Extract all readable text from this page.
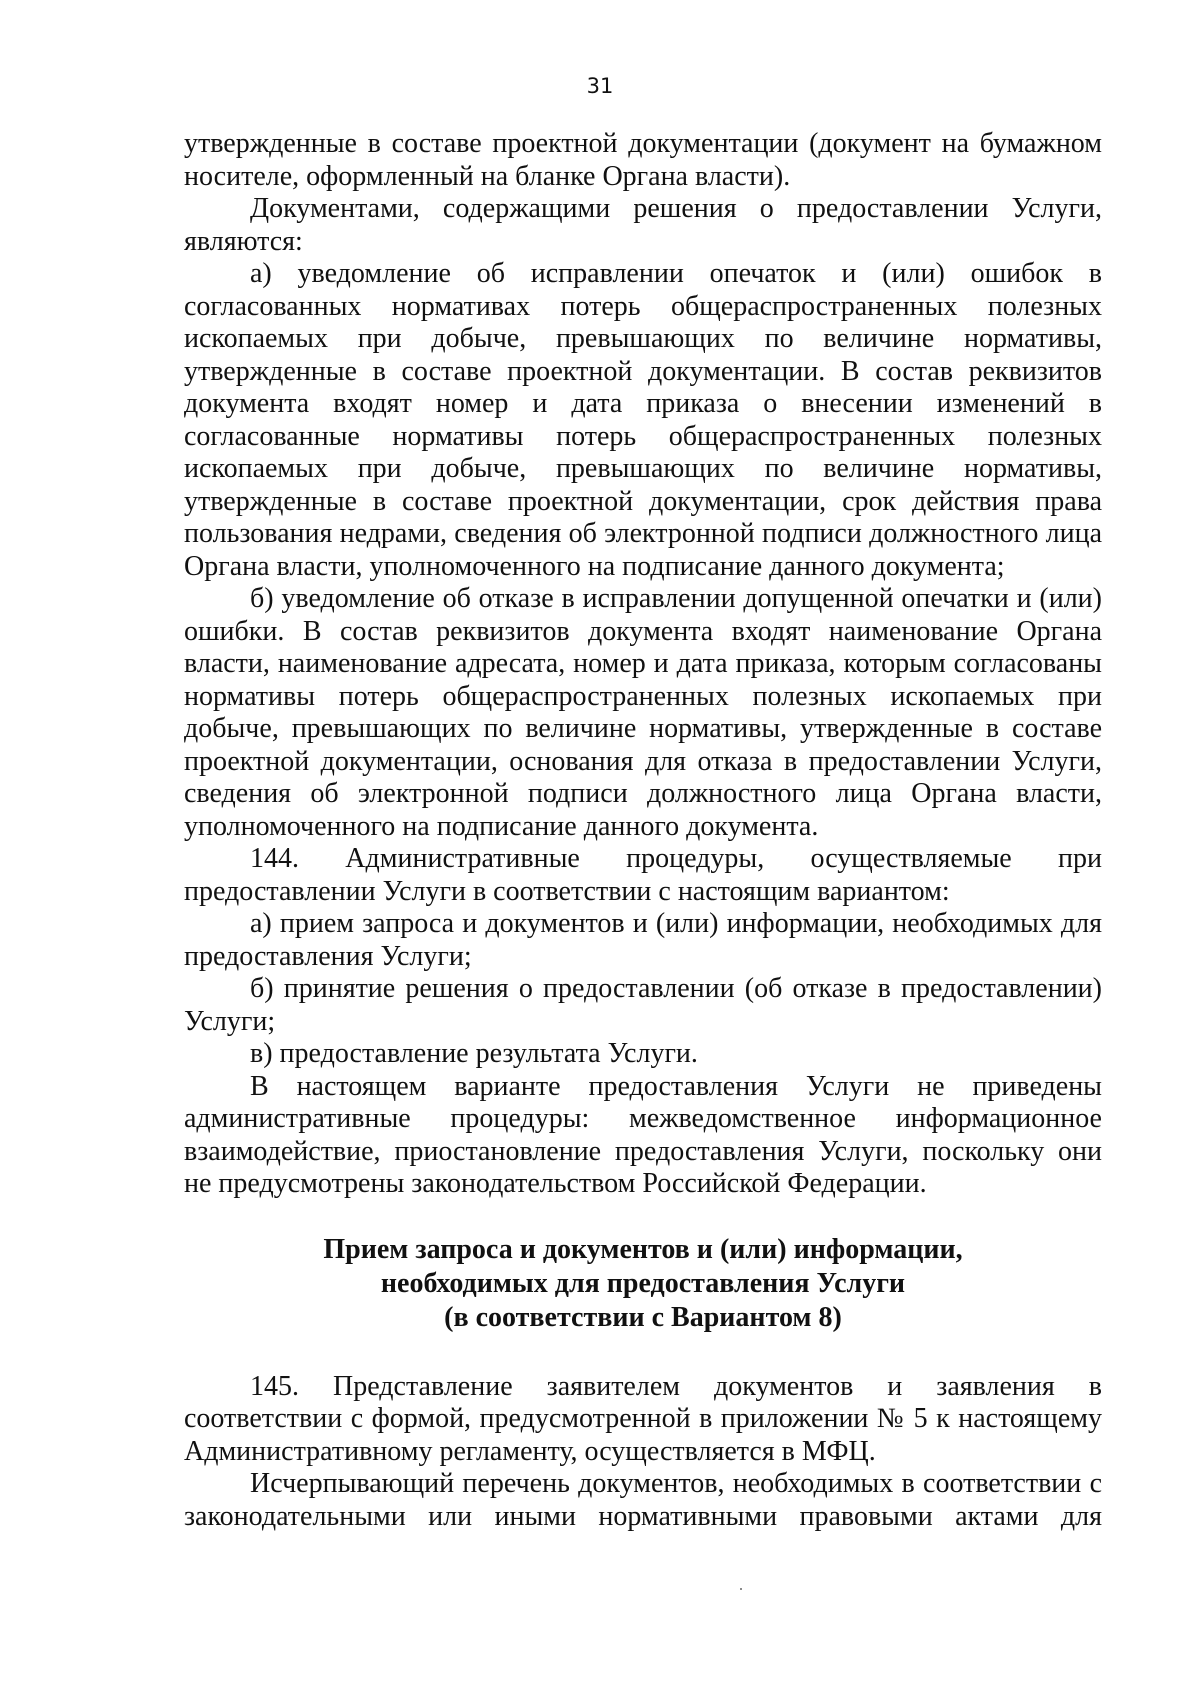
31

утвержденные в составе проектной документации (документ на бумажном носителе, оформленный на бланке Органа власти).

Документами, содержащими решения о предоставлении Услуги, являются:

а) уведомление об исправлении опечаток и (или) ошибок в согласованных нормативах потерь общераспространенных полезных ископаемых при добыче, превышающих по величине нормативы, утвержденные в составе проектной документации. В состав реквизитов документа входят номер и дата приказа о внесении изменений в согласованные нормативы потерь общераспространенных полезных ископаемых при добыче, превышающих по величине нормативы, утвержденные в составе проектной документации, срок действия права пользования недрами, сведения об электронной подписи должностного лица Органа власти, уполномоченного на подписание данного документа;

б) уведомление об отказе в исправлении допущенной опечатки и (или) ошибки. В состав реквизитов документа входят наименование Органа власти, наименование адресата, номер и дата приказа, которым согласованы нормативы потерь общераспространенных полезных ископаемых при добыче, превышающих по величине нормативы, утвержденные в составе проектной документации, основания для отказа в предоставлении Услуги, сведения об электронной подписи должностного лица Органа власти, уполномоченного на подписание данного документа.

144. Административные процедуры, осуществляемые при предоставлении Услуги в соответствии с настоящим вариантом:

а) прием запроса и документов и (или) информации, необходимых для предоставления Услуги;

б) принятие решения о предоставлении (об отказе в предоставлении) Услуги;

в) предоставление результата Услуги.

В настоящем варианте предоставления Услуги не приведены административные процедуры: межведомственное информационное взаимодействие, приостановление предоставления Услуги, поскольку они не предусмотрены законодательством Российской Федерации.

Прием запроса и документов и (или) информации,
необходимых для предоставления Услуги
(в соответствии с Вариантом 8)

145. Представление заявителем документов и заявления в соответствии с формой, предусмотренной в приложении № 5 к настоящему Административному регламенту, осуществляется в МФЦ.

Исчерпывающий перечень документов, необходимых в соответствии с законодательными или иными нормативными правовыми актами для
